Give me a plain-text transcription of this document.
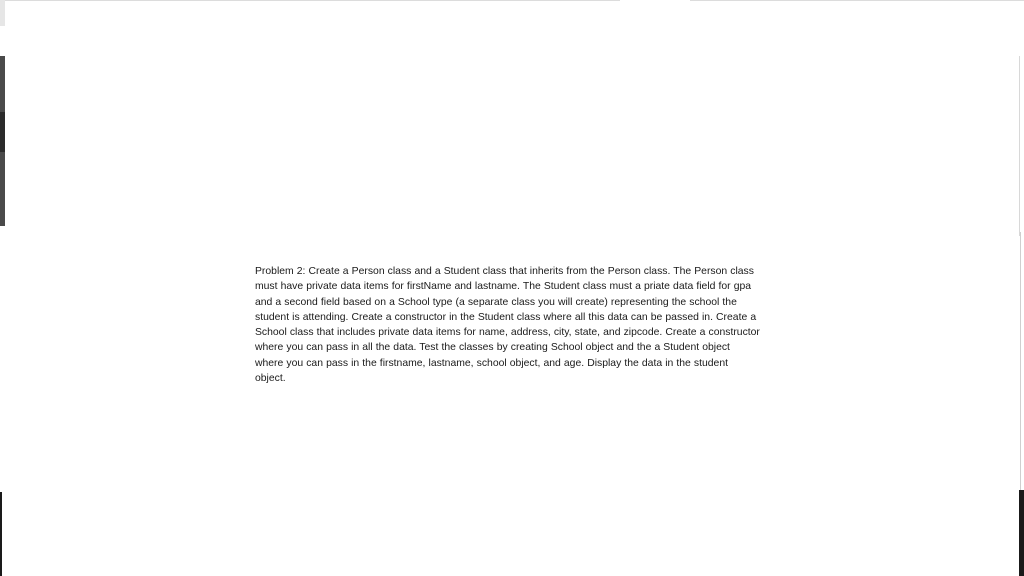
Problem 2: Create a Person class and a Student class that inherits from the Person class. The Person class must have private data items for firstName and lastname. The Student class must a priate data field for gpa and a second field based on a School type (a separate class you will create) representing the school the student is attending. Create a constructor in the Student class where all this data can be passed in. Create a School class that includes private data items for name, address, city, state, and zipcode. Create a constructor where you can pass in all the data. Test the classes by creating School object and the a Student object where you can pass in the firstname, lastname, school object, and age. Display the data in the student object.
